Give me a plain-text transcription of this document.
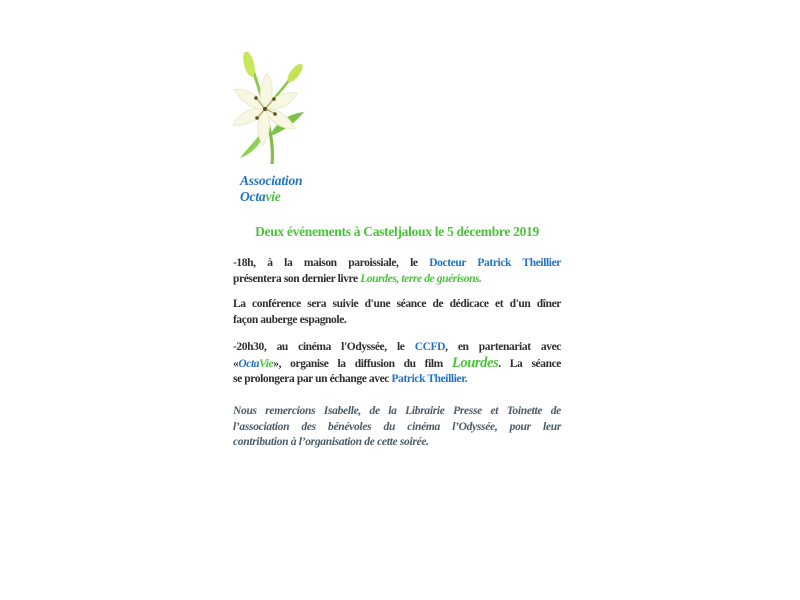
Association
Octavie
Deux événements à Casteljaloux le 5 décembre 2019
-18h, à la maison paroissiale, le Docteur Patrick Theillier
présentera son dernier livre Lourdes, terre de guérisons.
La conférence sera suivie d'une séance de dédicace et d'un dîner
façon auberge espagnole.
-20h30, au cinéma l'Odyssée, le CCFD, en partenariat avec
«OctaVie», organise la diffusion du film Lourdes. La séance
se prolongera par un échange avec Patrick Theillier.
Nous remercions Isabelle, de la Librairie Presse et Toinette de
l’association des bénévoles du cinéma l’Odyssée, pour leur
contribution à l’organisation de cette soirée.
